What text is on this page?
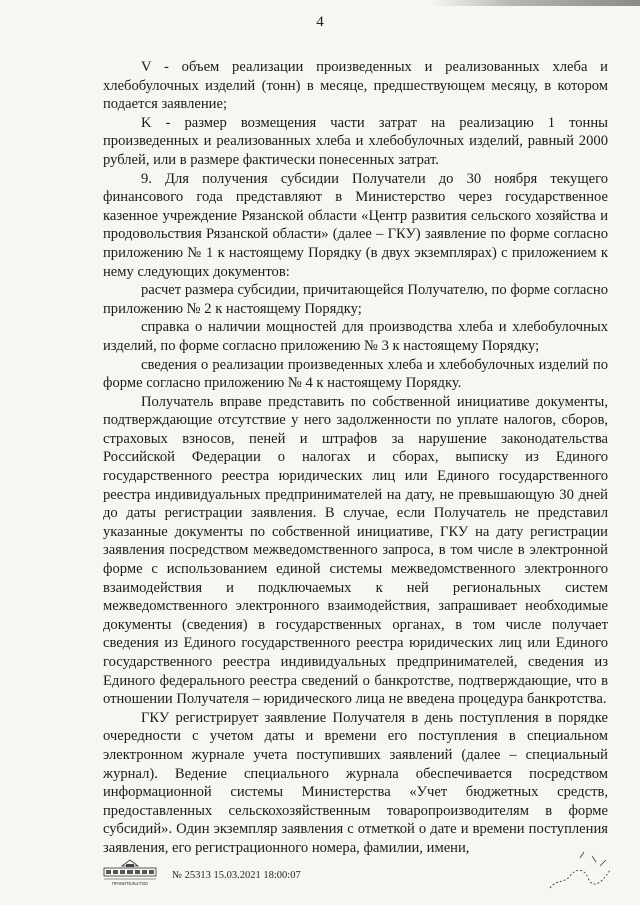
4

V - объем реализации произведенных и реализованных хлеба и хлебобулочных изделий (тонн) в месяце, предшествующем месяцу, в котором подается заявление;

K - размер возмещения части затрат на реализацию 1 тонны произведенных и реализованных хлеба и хлебобулочных изделий, равный 2000 рублей, или в размере фактически понесенных затрат.

9. Для получения субсидии Получатели до 30 ноября текущего финансового года представляют в Министерство через государственное казенное учреждение Рязанской области «Центр развития сельского хозяйства и продовольствия Рязанской области» (далее – ГКУ) заявление по форме согласно приложению № 1 к настоящему Порядку (в двух экземплярах) с приложением к нему следующих документов:

расчет размера субсидии, причитающейся Получателю, по форме согласно приложению № 2 к настоящему Порядку;

справка о наличии мощностей для производства хлеба и хлебобулочных изделий, по форме согласно приложению № 3 к настоящему Порядку;

сведения о реализации произведенных хлеба и хлебобулочных изделий по форме согласно приложению № 4 к настоящему Порядку.

Получатель вправе представить по собственной инициативе документы, подтверждающие отсутствие у него задолженности по уплате налогов, сборов, страховых взносов, пеней и штрафов за нарушение законодательства Российской Федерации о налогах и сборах, выписку из Единого государственного реестра юридических лиц или Единого государственного реестра индивидуальных предпринимателей на дату, не превышающую 30 дней до даты регистрации заявления. В случае, если Получатель не представил указанные документы по собственной инициативе, ГКУ на дату регистрации заявления посредством межведомственного запроса, в том числе в электронной форме с использованием единой системы межведомственного электронного взаимодействия и подключаемых к ней региональных систем межведомственного электронного взаимодействия, запрашивает необходимые документы (сведения) в государственных органах, в том числе получает сведения из Единого государственного реестра юридических лиц или Единого государственного реестра индивидуальных предпринимателей, сведения из Единого федерального реестра сведений о банкротстве, подтверждающие, что в отношении Получателя – юридического лица не введена процедура банкротства.

ГКУ регистрирует заявление Получателя в день поступления в порядке очередности с учетом даты и времени его поступления в специальном электронном журнале учета поступивших заявлений (далее – специальный журнал). Ведение специального журнала обеспечивается посредством информационной системы Министерства «Учет бюджетных средств, предоставленных сельскохозяйственным товаропроизводителям в форме субсидий». Один экземпляр заявления с отметкой о дате и времени поступления заявления, его регистрационного номера, фамилии, имени,

ПРАВИТЕЛЬСТВО
№ 25313 15.03.2021 18:00:07
